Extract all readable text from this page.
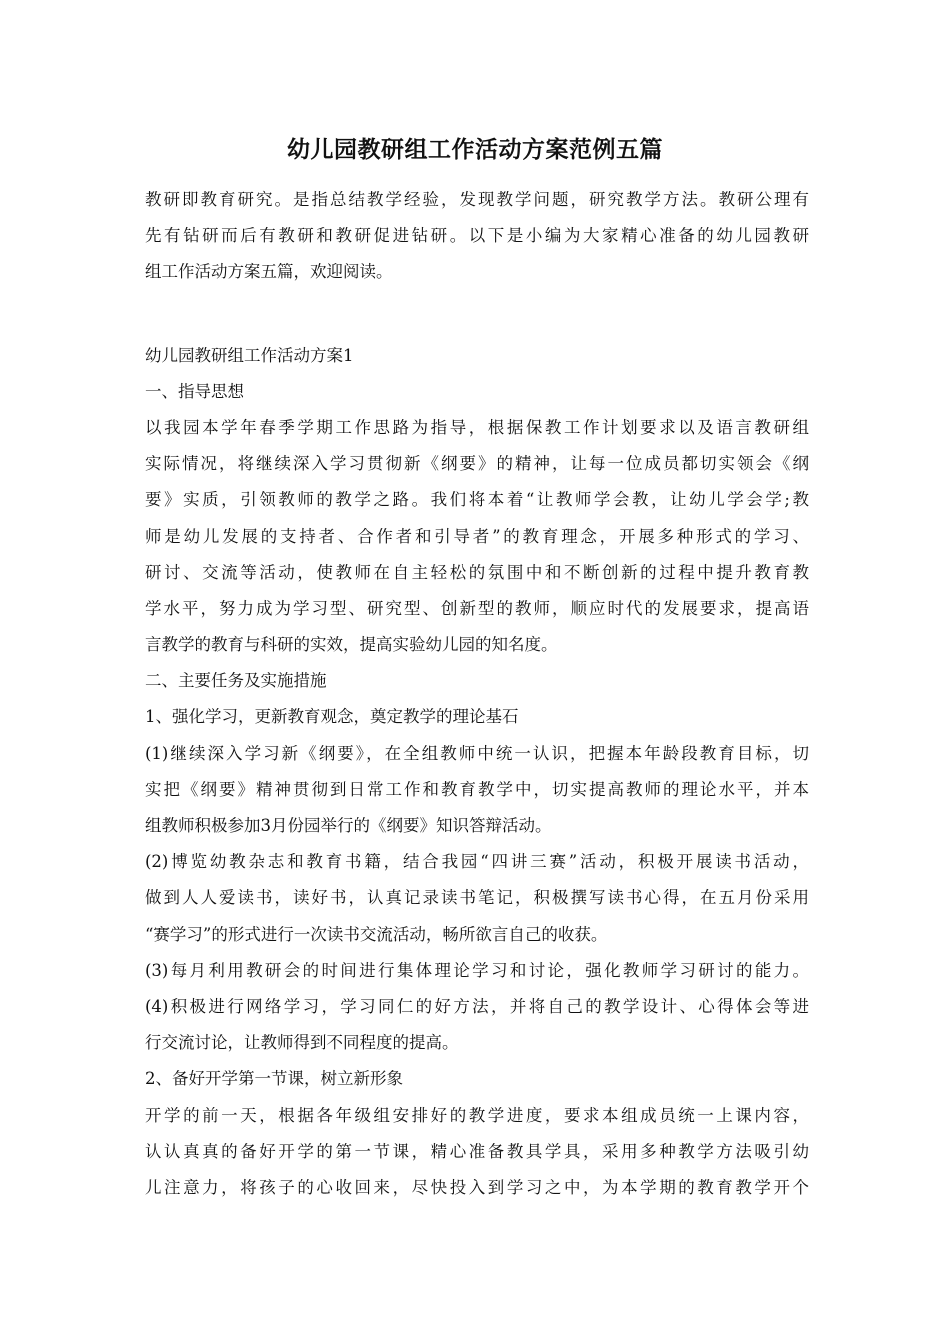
幼儿园教研组工作活动方案范例五篇
教研即教育研究。是指总结教学经验，发现教学问题，研究教学方法。教研公理有
先有钻研而后有教研和教研促进钻研。以下是小编为大家精心准备的幼儿园教研
组工作活动方案五篇，欢迎阅读。
幼儿园教研组工作活动方案1
一、指导思想
以我园本学年春季学期工作思路为指导，根据保教工作计划要求以及语言教研组
实际情况，将继续深入学习贯彻新《纲要》的精神，让每一位成员都切实领会《纲
要》实质，引领教师的教学之路。我们将本着“让教师学会教，让幼儿学会学;教
师是幼儿发展的支持者、合作者和引导者”的教育理念，开展多种形式的学习、
研讨、交流等活动，使教师在自主轻松的氛围中和不断创新的过程中提升教育教
学水平，努力成为学习型、研究型、创新型的教师，顺应时代的发展要求，提高语
言教学的教育与科研的实效，提高实验幼儿园的知名度。
二、主要任务及实施措施
1、强化学习，更新教育观念，奠定教学的理论基石
(1)继续深入学习新《纲要》，在全组教师中统一认识，把握本年龄段教育目标，切
实把《纲要》精神贯彻到日常工作和教育教学中，切实提高教师的理论水平，并本
组教师积极参加3月份园举行的《纲要》知识答辩活动。
(2)博览幼教杂志和教育书籍，结合我园“四讲三赛”活动，积极开展读书活动，
做到人人爱读书，读好书，认真记录读书笔记，积极撰写读书心得，在五月份采用
“赛学习”的形式进行一次读书交流活动，畅所欲言自己的收获。
(3)每月利用教研会的时间进行集体理论学习和讨论，强化教师学习研讨的能力。
(4)积极进行网络学习，学习同仁的好方法，并将自己的教学设计、心得体会等进
行交流讨论，让教师得到不同程度的提高。
2、备好开学第一节课，树立新形象
开学的前一天，根据各年级组安排好的教学进度，要求本组成员统一上课内容，
认认真真的备好开学的第一节课，精心准备教具学具，采用多种教学方法吸引幼
儿注意力，将孩子的心收回来，尽快投入到学习之中，为本学期的教育教学开个
